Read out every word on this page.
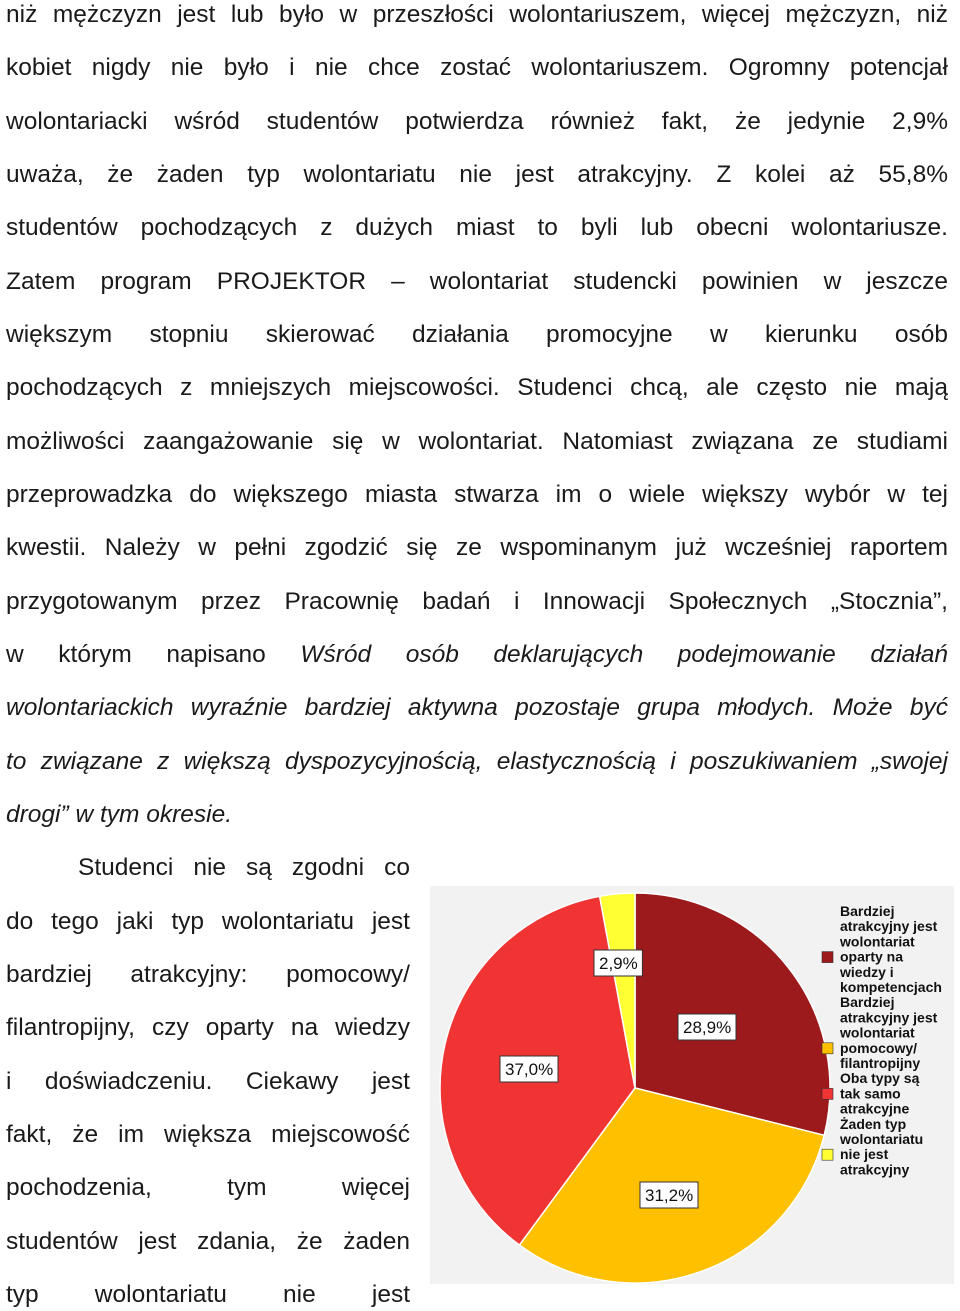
niż mężczyzn jest lub było w przeszłości wolontariuszem, więcej mężczyzn, niż
kobiet nigdy nie było i nie chce zostać wolontariuszem. Ogromny potencjał
wolontariacki wśród studentów potwierdza również fakt, że jedynie 2,9%
uważa, że żaden typ wolontariatu nie jest atrakcyjny. Z kolei aż 55,8%
studentów pochodzących z dużych miast to byli lub obecni wolontariusze.
Zatem program PROJEKTOR – wolontariat studencki powinien w jeszcze
większym stopniu skierować działania promocyjne w kierunku osób
pochodzących z mniejszych miejscowości. Studenci chcą, ale często nie mają
możliwości zaangażowanie się w wolontariat. Natomiast związana ze studiami
przeprowadzka do większego miasta stwarza im o wiele większy wybór w tej
kwestii. Należy w pełni zgodzić się ze wspominanym już wcześniej raportem
przygotowanym przez Pracownię badań i Innowacji Społecznych „Stocznia”,
w którym napisano Wśród osób deklarujących podejmowanie działań
wolontariackich wyraźnie bardziej aktywna pozostaje grupa młodych. Może być
to związane z większą dyspozycyjnością, elastycznością i poszukiwaniem „swojej
drogi” w tym okresie.
Studenci nie są zgodni co
do tego jaki typ wolontariatu jest
bardziej atrakcyjny: pomocowy/
filantropijny, czy oparty na wiedzy
i doświadczeniu. Ciekawy jest
fakt, że im większa miejscowość
pochodzenia, tym więcej
studentów jest zdania, że żaden
typ wolontariatu nie jest
28,9%
31,2%
37,0%
2,9%
Bardziej
atrakcyjny jest
wolontariat
oparty na
wiedzy i
kompetencjach
Bardziej
atrakcyjny jest
wolontariat
pomocowy/
filantropijny
Oba typy są
tak samo
atrakcyjne
Żaden typ
wolontariatu
nie jest
atrakcyjny
